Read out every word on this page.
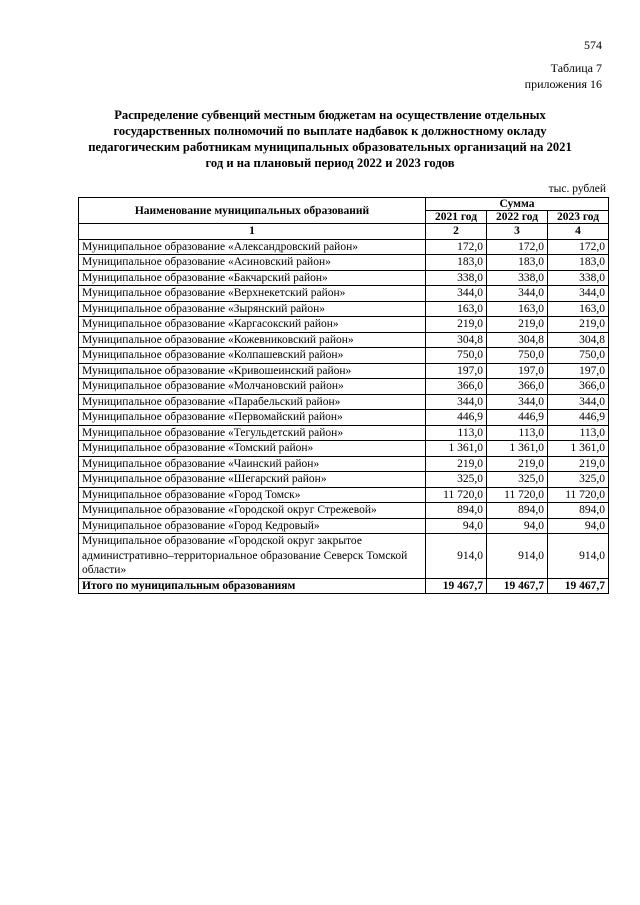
574
Таблица 7
приложения 16
Распределение субвенций местным бюджетам на осуществление отдельных государственных полномочий по выплате надбавок к должностному окладу педагогическим работникам муниципальных образовательных организаций на 2021 год и на плановый период 2022 и 2023 годов
тыс. рублей
Наименование муниципальных образований	Сумма		
	2021 год	2022 год	2023 год
1	2	3	4
Муниципальное образование «Александровский район»	172,0	172,0	172,0
Муниципальное образование «Асиновский район»	183,0	183,0	183,0
Муниципальное образование «Бакчарский район»	338,0	338,0	338,0
Муниципальное образование «Верхнекетский район»	344,0	344,0	344,0
Муниципальное образование «Зырянский район»	163,0	163,0	163,0
Муниципальное образование «Каргасокский район»	219,0	219,0	219,0
Муниципальное образование «Кожевниковский район»	304,8	304,8	304,8
Муниципальное образование «Колпашевский район»	750,0	750,0	750,0
Муниципальное образование «Кривошеинский район»	197,0	197,0	197,0
Муниципальное образование «Молчановский район»	366,0	366,0	366,0
Муниципальное образование «Парабельский район»	344,0	344,0	344,0
Муниципальное образование «Первомайский район»	446,9	446,9	446,9
Муниципальное образование «Тегульдетский район»	113,0	113,0	113,0
Муниципальное образование «Томский район»	1 361,0	1 361,0	1 361,0
Муниципальное образование «Чаинский район»	219,0	219,0	219,0
Муниципальное образование «Шегарский район»	325,0	325,0	325,0
Муниципальное образование «Город Томск»	11 720,0	11 720,0	11 720,0
Муниципальное образование «Городской округ Стрежевой»	894,0	894,0	894,0
Муниципальное образование «Город Кедровый»	94,0	94,0	94,0
Муниципальное образование «Городской округ закрытое административно–территориальное образование Северск Томской области»	914,0	914,0	914,0
Итого по муниципальным образованиям	19 467,7	19 467,7	19 467,7
